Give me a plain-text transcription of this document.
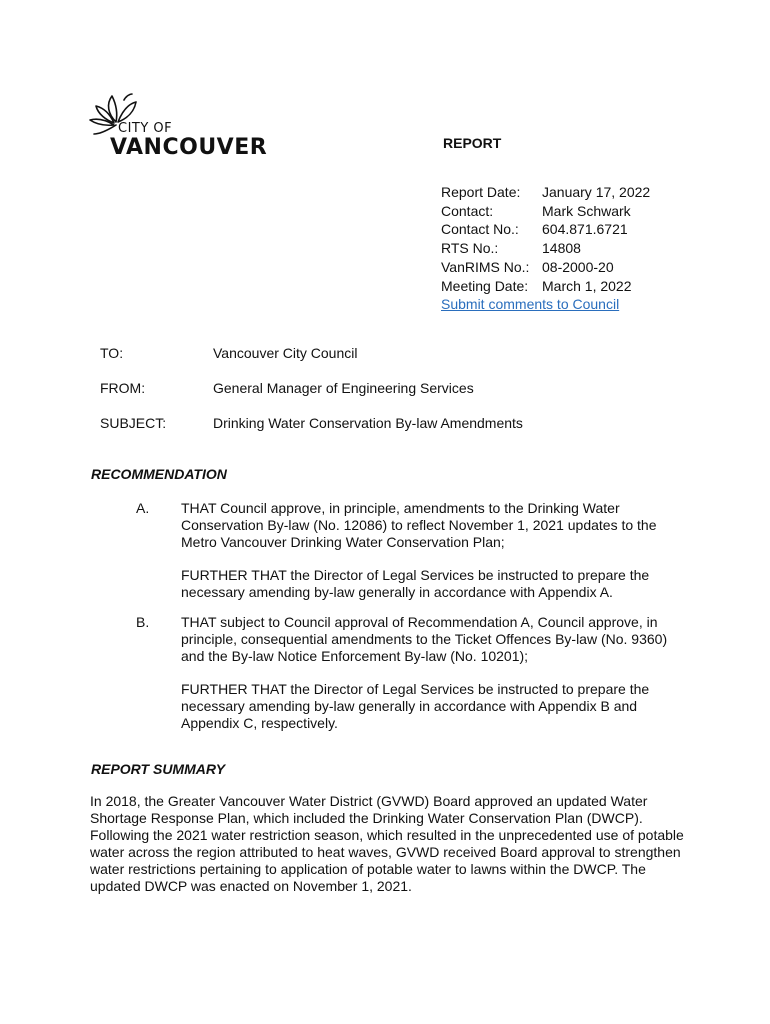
CITY OF
VANCOUVER	REPORT
Report Date:	January 17, 2022
Contact:	Mark Schwark
Contact No.:	604.871.6721
RTS No.:	14808
VanRIMS No.: 08-2000-20
Meeting Date: March 1, 2022
Submit comments to Council
TO:	Vancouver City Council
FROM:	General Manager of Engineering Services
SUBJECT:	Drinking Water Conservation By-law Amendments
RECOMMENDATION
A. THAT Council approve, in principle, amendments to the Drinking Water Conservation By-law (No. 12086) to reflect November 1, 2021 updates to the Metro Vancouver Drinking Water Conservation Plan;

FURTHER THAT the Director of Legal Services be instructed to prepare the necessary amending by-law generally in accordance with Appendix A.

B. THAT subject to Council approval of Recommendation A, Council approve, in principle, consequential amendments to the Ticket Offences By-law (No. 9360) and the By-law Notice Enforcement By-law (No. 10201);

FURTHER THAT the Director of Legal Services be instructed to prepare the necessary amending by-law generally in accordance with Appendix B and Appendix C, respectively.

REPORT SUMMARY
In 2018, the Greater Vancouver Water District (GVWD) Board approved an updated Water Shortage Response Plan, which included the Drinking Water Conservation Plan (DWCP). Following the 2021 water restriction season, which resulted in the unprecedented use of potable water across the region attributed to heat waves, GVWD received Board approval to strengthen water restrictions pertaining to application of potable water to lawns within the DWCP. The updated DWCP was enacted on November 1, 2021.
